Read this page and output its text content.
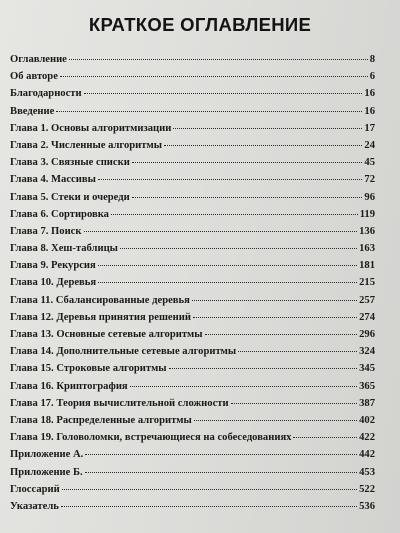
КРАТКОЕ ОГЛАВЛЕНИЕ
Оглавление	8
Об авторе	6
Благодарности	16
Введение	16
Глава 1. Основы алгоритмизации	17
Глава 2. Численные алгоритмы	24
Глава 3. Связные списки	45
Глава 4. Массивы	72
Глава 5. Стеки и очереди	96
Глава 6. Сортировка	119
Глава 7. Поиск	136
Глава 8. Хеш-таблицы	163
Глава 9. Рекурсия	181
Глава 10. Деревья	215
Глава 11. Сбалансированные деревья	257
Глава 12. Деревья принятия решений	274
Глава 13. Основные сетевые алгоритмы	296
Глава 14. Дополнительные сетевые алгоритмы	324
Глава 15. Строковые алгоритмы	345
Глава 16. Криптография	365
Глава 17. Теория вычислительной сложности	387
Глава 18. Распределенные алгоритмы	402
Глава 19. Головоломки, встречающиеся на собеседованиях	422
Приложение А.	442
Приложение Б.	453
Глоссарий	522
Указатель	536
